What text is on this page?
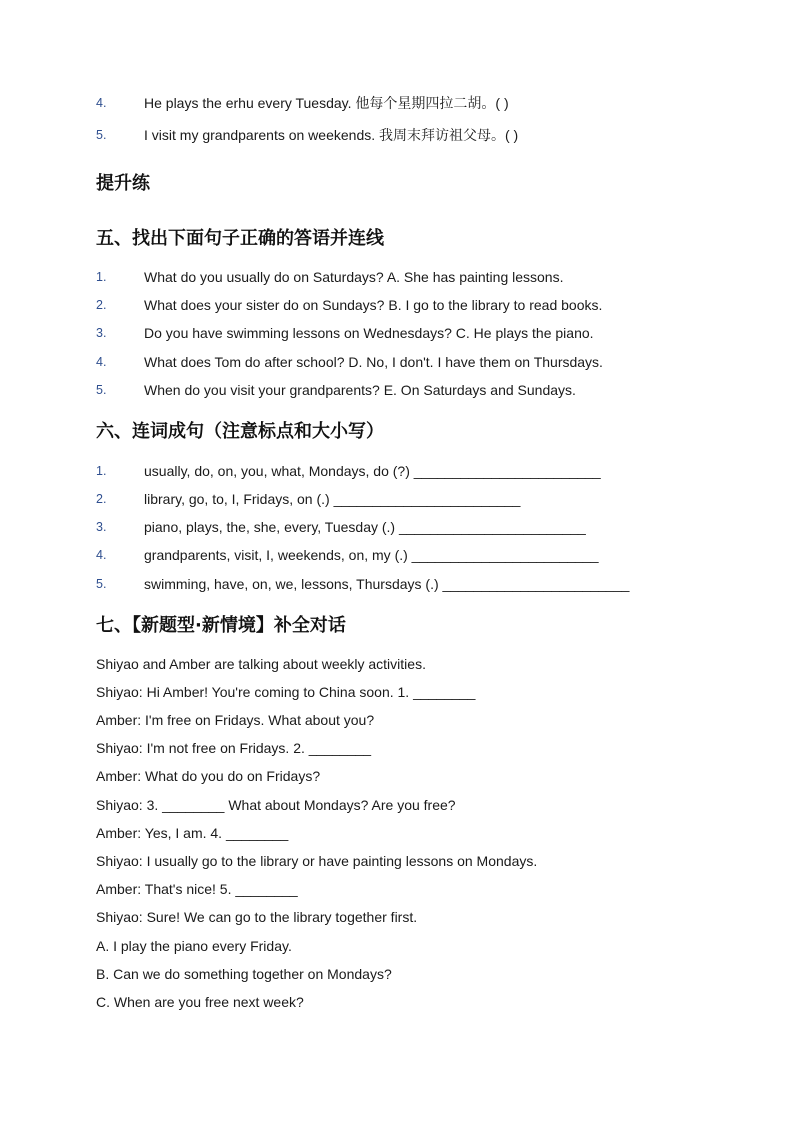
4.	He plays the erhu every Tuesday. 他每个星期四拉二胡。( )
5.	I visit my grandparents on weekends. 我周末拜访祖父母。( )
提升练
五、找出下面句子正确的答语并连线
1.	What do you usually do on Saturdays? A. She has painting lessons.
2.	What does your sister do on Sundays? B. I go to the library to read books.
3.	Do you have swimming lessons on Wednesdays? C. He plays the piano.
4.	What does Tom do after school? D. No, I don't. I have them on Thursdays.
5.	When do you visit your grandparents? E. On Saturdays and Sundays.
六、连词成句（注意标点和大小写）
1.	usually, do, on, you, what, Mondays, do (?) ________________________
2.	library, go, to, I, Fridays, on (.) ________________________
3.	piano, plays, the, she, every, Tuesday (.) ________________________
4.	grandparents, visit, I, weekends, on, my (.) ________________________
5.	swimming, have, on, we, lessons, Thursdays (.) ________________________
七、【新题型·新情境】补全对话
Shiyao and Amber are talking about weekly activities.
Shiyao: Hi Amber! You're coming to China soon. 1. ________
Amber: I'm free on Fridays. What about you?
Shiyao: I'm not free on Fridays. 2. ________
Amber: What do you do on Fridays?
Shiyao: 3. ________ What about Mondays? Are you free?
Amber: Yes, I am. 4. ________
Shiyao: I usually go to the library or have painting lessons on Mondays.
Amber: That's nice! 5. ________
Shiyao: Sure! We can go to the library together first.
A. I play the piano every Friday.
B. Can we do something together on Mondays?
C. When are you free next week?
